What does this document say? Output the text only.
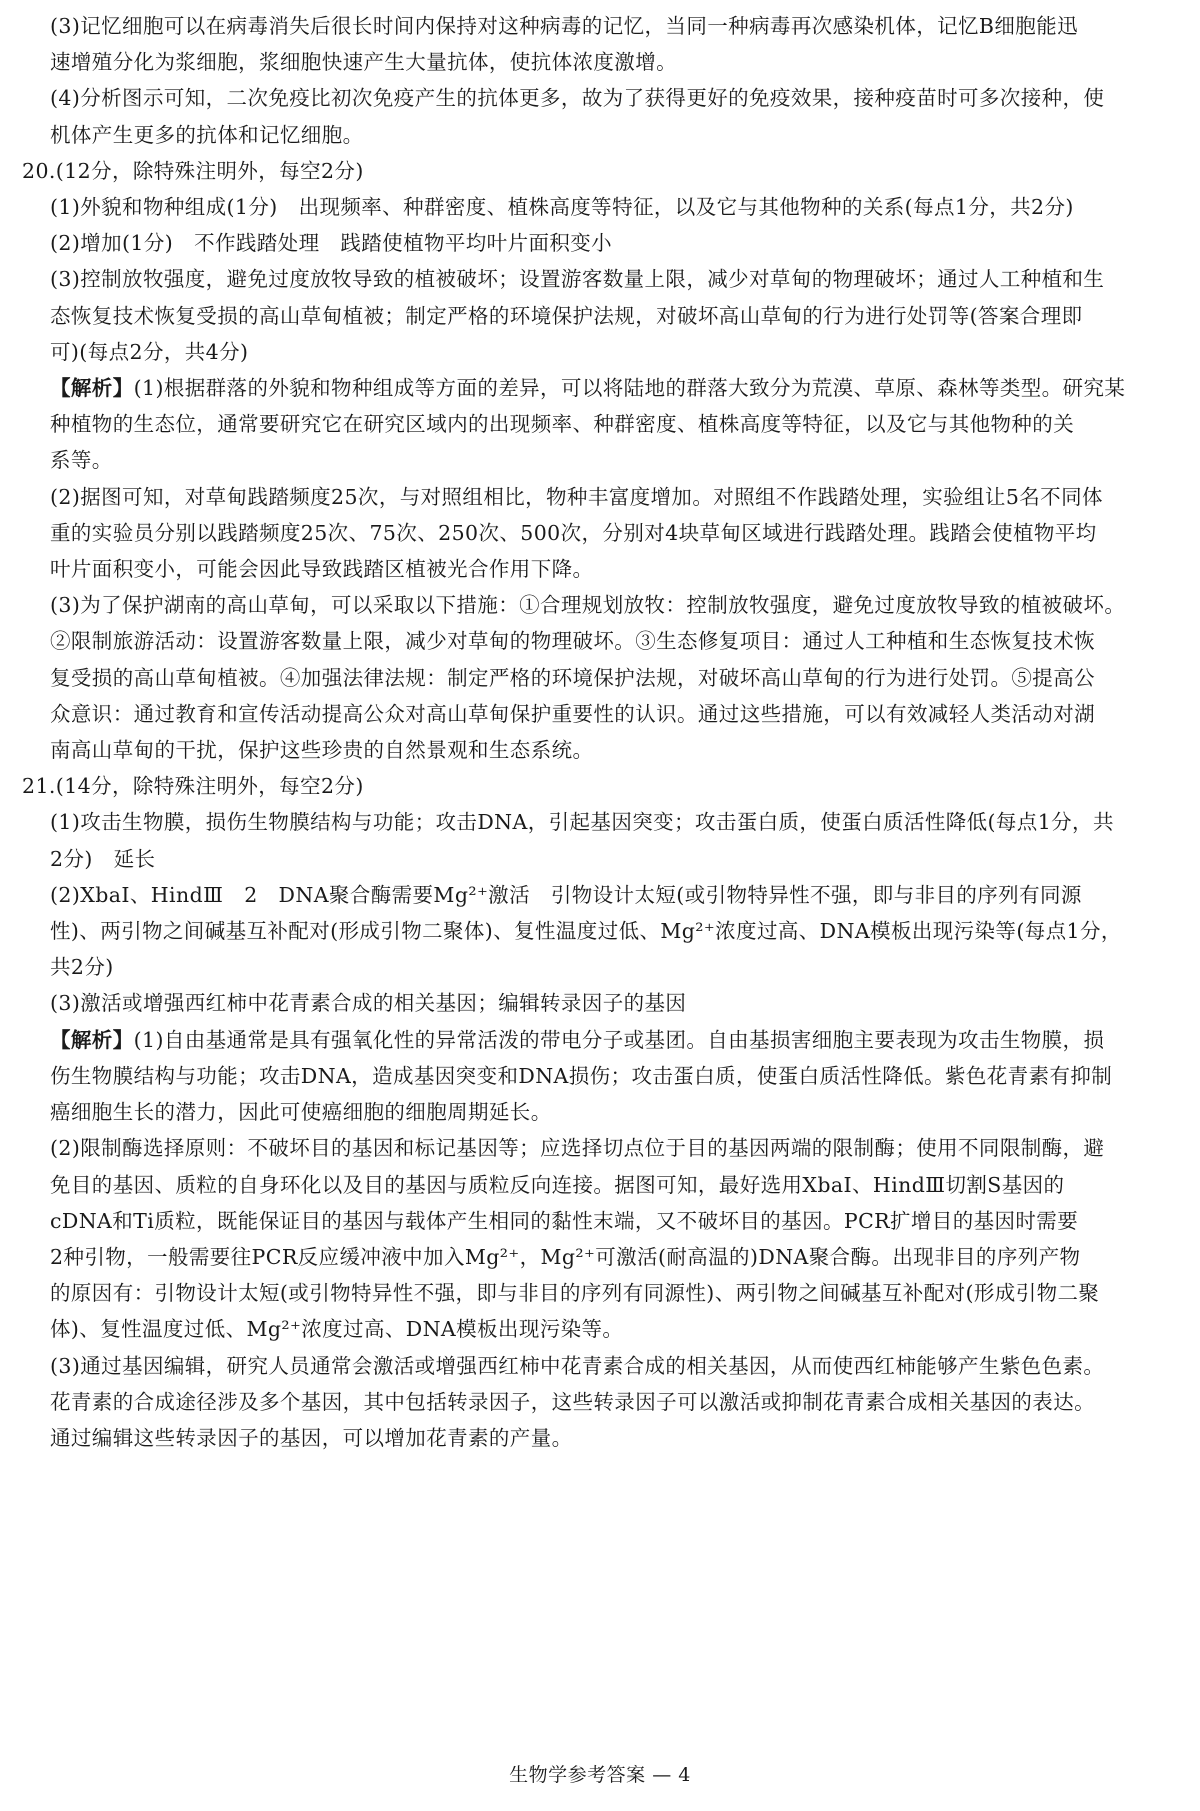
(3)记忆细胞可以在病毒消失后很长时间内保持对这种病毒的记忆，当同一种病毒再次感染机体，记忆B细胞能迅
速增殖分化为浆细胞，浆细胞快速产生大量抗体，使抗体浓度激增。
(4)分析图示可知，二次免疫比初次免疫产生的抗体更多，故为了获得更好的免疫效果，接种疫苗时可多次接种，使
机体产生更多的抗体和记忆细胞。
20.(12分，除特殊注明外，每空2分)
(1)外貌和物种组成(1分)　出现频率、种群密度、植株高度等特征，以及它与其他物种的关系(每点1分，共2分)
(2)增加(1分)　不作践踏处理　践踏使植物平均叶片面积变小
(3)控制放牧强度，避免过度放牧导致的植被破坏；设置游客数量上限，减少对草甸的物理破坏；通过人工种植和生
态恢复技术恢复受损的高山草甸植被；制定严格的环境保护法规，对破坏高山草甸的行为进行处罚等(答案合理即
可)(每点2分，共4分)
【解析】(1)根据群落的外貌和物种组成等方面的差异，可以将陆地的群落大致分为荒漠、草原、森林等类型。研究某
种植物的生态位，通常要研究它在研究区域内的出现频率、种群密度、植株高度等特征，以及它与其他物种的关
系等。
(2)据图可知，对草甸践踏频度25次，与对照组相比，物种丰富度增加。对照组不作践踏处理，实验组让5名不同体
重的实验员分别以践踏频度25次、75次、250次、500次，分别对4块草甸区域进行践踏处理。践踏会使植物平均
叶片面积变小，可能会因此导致践踏区植被光合作用下降。
(3)为了保护湖南的高山草甸，可以采取以下措施：①合理规划放牧：控制放牧强度，避免过度放牧导致的植被破坏。
②限制旅游活动：设置游客数量上限，减少对草甸的物理破坏。③生态修复项目：通过人工种植和生态恢复技术恢
复受损的高山草甸植被。④加强法律法规：制定严格的环境保护法规，对破坏高山草甸的行为进行处罚。⑤提高公
众意识：通过教育和宣传活动提高公众对高山草甸保护重要性的认识。通过这些措施，可以有效减轻人类活动对湖
南高山草甸的干扰，保护这些珍贵的自然景观和生态系统。
21.(14分，除特殊注明外，每空2分)
(1)攻击生物膜，损伤生物膜结构与功能；攻击DNA，引起基因突变；攻击蛋白质，使蛋白质活性降低(每点1分，共
2分)　延长
(2)XbaⅠ、HindⅢ　2　DNA聚合酶需要Mg²⁺激活　引物设计太短(或引物特异性不强，即与非目的序列有同源
性)、两引物之间碱基互补配对(形成引物二聚体)、复性温度过低、Mg²⁺浓度过高、DNA模板出现污染等(每点1分，
共2分)
(3)激活或增强西红柿中花青素合成的相关基因；编辑转录因子的基因
【解析】(1)自由基通常是具有强氧化性的异常活泼的带电分子或基团。自由基损害细胞主要表现为攻击生物膜，损
伤生物膜结构与功能；攻击DNA，造成基因突变和DNA损伤；攻击蛋白质，使蛋白质活性降低。紫色花青素有抑制
癌细胞生长的潜力，因此可使癌细胞的细胞周期延长。
(2)限制酶选择原则：不破坏目的基因和标记基因等；应选择切点位于目的基因两端的限制酶；使用不同限制酶，避
免目的基因、质粒的自身环化以及目的基因与质粒反向连接。据图可知，最好选用XbaⅠ、HindⅢ切割S基因的
cDNA和Ti质粒，既能保证目的基因与载体产生相同的黏性末端，又不破坏目的基因。PCR扩增目的基因时需要
2种引物，一般需要往PCR反应缓冲液中加入Mg²⁺，Mg²⁺可激活(耐高温的)DNA聚合酶。出现非目的序列产物
的原因有：引物设计太短(或引物特异性不强，即与非目的序列有同源性)、两引物之间碱基互补配对(形成引物二聚
体)、复性温度过低、Mg²⁺浓度过高、DNA模板出现污染等。
(3)通过基因编辑，研究人员通常会激活或增强西红柿中花青素合成的相关基因，从而使西红柿能够产生紫色色素。
花青素的合成途径涉及多个基因，其中包括转录因子，这些转录因子可以激活或抑制花青素合成相关基因的表达。
通过编辑这些转录因子的基因，可以增加花青素的产量。
生物学参考答案 — 4
